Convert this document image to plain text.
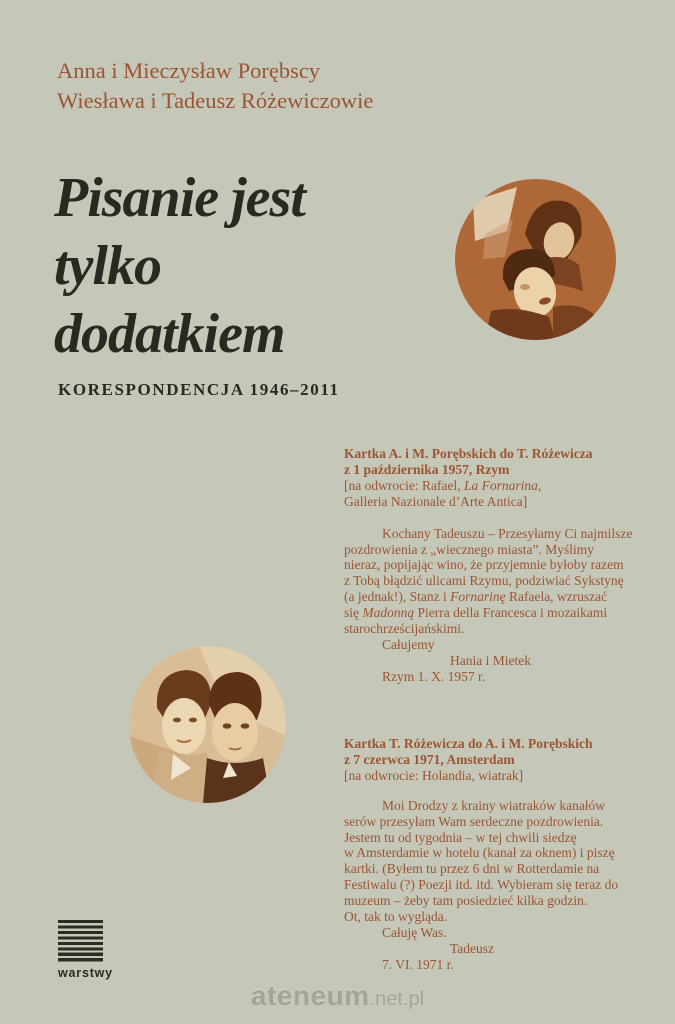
Anna i Mieczysław Porębscy
Wiesława i Tadeusz Różewiczowie
Pisanie jest
tylko
dodatkiem
KORESPONDENCJA 1946–2011
Kartka A. i M. Porębskich do T. Różewicza
z 1 października 1957, Rzym
[na odwrocie: Rafael, La Fornarina,
Galleria Nazionale d’Arte Antica]
Kochany Tadeuszu – Przesyłamy Ci najmilsze
pozdrowienia z „wiecznego miasta”. Myślimy
nieraz, popijając wino, że przyjemnie byłoby razem
z Tobą błądzić ulicami Rzymu, podziwiać Sykstynę
(a jednak!), Stanz i Fornarinę Rafaela, wzruszać
się Madonną Pierra della Francesca i mozaikami
starochrześcijańskimi.
Całujemy
Hania i Mietek
Rzym 1. X. 1957 r.
Kartka T. Różewicza do A. i M. Porębskich
z 7 czerwca 1971, Amsterdam
[na odwrocie: Holandia, wiatrak]
Moi Drodzy z krainy wiatraków kanałów
serów przesyłam Wam serdeczne pozdrowienia.
Jestem tu od tygodnia – w tej chwili siedzę
w Amsterdamie w hotelu (kanał za oknem) i piszę
kartki. (Byłem tu przez 6 dni w Rotterdamie na
Festiwalu (?) Poezji itd. itd. Wybieram się teraz do
muzeum – żeby tam posiedzieć kilka godzin.
Ot, tak to wygląda.
Całuję Was.
Tadeusz
7. VI. 1971 r.
warstwy
ateneum.net.pl
